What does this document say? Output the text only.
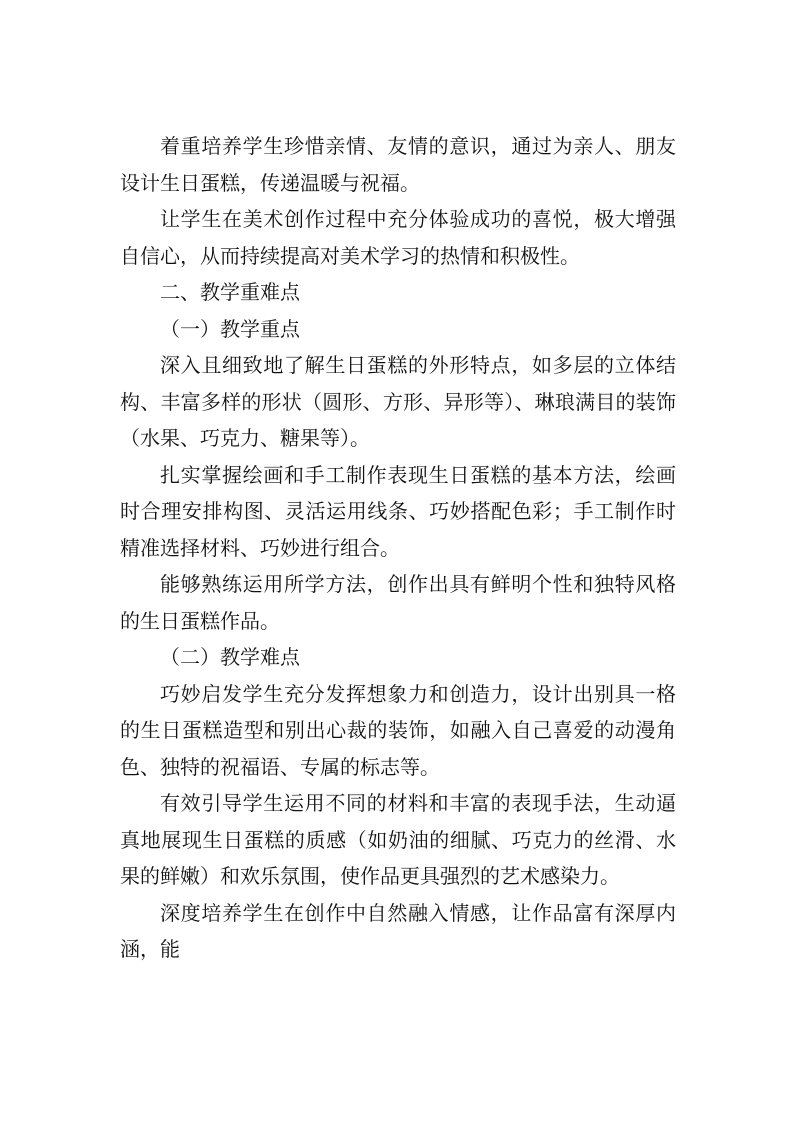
着重培养学生珍惜亲情、友情的意识，通过为亲人、朋友设计生日蛋糕，传递温暖与祝福。

让学生在美术创作过程中充分体验成功的喜悦，极大增强自信心，从而持续提高对美术学习的热情和积极性。

二、教学重难点

（一）教学重点

深入且细致地了解生日蛋糕的外形特点，如多层的立体结构、丰富多样的形状（圆形、方形、异形等）、琳琅满目的装饰（水果、巧克力、糖果等）。

扎实掌握绘画和手工制作表现生日蛋糕的基本方法，绘画时合理安排构图、灵活运用线条、巧妙搭配色彩；手工制作时精准选择材料、巧妙进行组合。

能够熟练运用所学方法，创作出具有鲜明个性和独特风格的生日蛋糕作品。

（二）教学难点

巧妙启发学生充分发挥想象力和创造力，设计出别具一格的生日蛋糕造型和别出心裁的装饰，如融入自己喜爱的动漫角色、独特的祝福语、专属的标志等。

有效引导学生运用不同的材料和丰富的表现手法，生动逼真地展现生日蛋糕的质感（如奶油的细腻、巧克力的丝滑、水果的鲜嫩）和欢乐氛围，使作品更具强烈的艺术感染力。

深度培养学生在创作中自然融入情感，让作品富有深厚内涵，能
